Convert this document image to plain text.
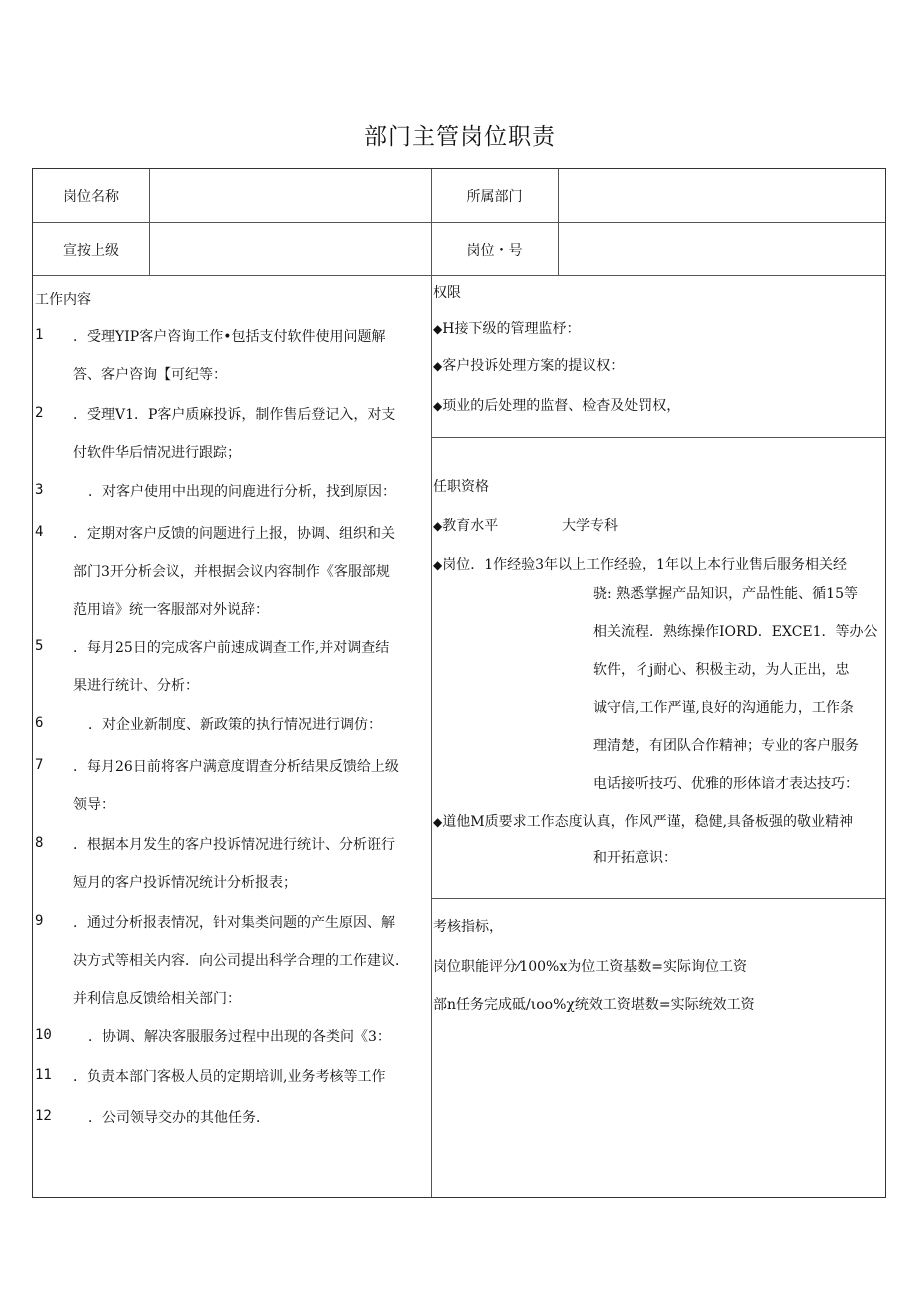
部门主管岗位职责
岗位名称	所属部门
宣按上级	岗位・号
工作内容
1 ．受理YIP客户咨询工作•包括支付软件使用问题解
答、客户咨询【可纪等：
2 ．受理V1．P客户质麻投诉，制作售后登记入，对支
付软件华后情况进行跟踪；
3	．对客户使用中出现的问鹿进行分析，找到原因：
4 ．定期对客户反馈的问题进行上报，协调、组织和关
部门3开分析会议，并根据会议内容制作《客服部规
范用谙》统一客服部对外说辞：
5 ．每月25日的完成客户前速成调查工作,并对调查结
果进行统计、分析：
6	．对企业新制度、新政策的执行情况进行调仿：
7 ．每月26日前将客户满意度谓查分析结果反馈给上级
领导：
8 ．根据本月发生的客户投诉情况进行统计、分析诳行
短月的客户投诉情况统计分析报表；
9 ．通过分析报表情况，针对集类问题的产生原因、解
决方式等相关内容．向公司提出科学合理的工作建议．
并利信息反馈给相关部门：
10	．协调、解决客服服务过程中出现的各类问《3：
11 ．负责本部门客极人员的定期培训,业务考核等工作
12	．公司领导交办的其他任务．
权限
◆H接下级的管理监杼：
◆客户投诉处理方案的提议权：
◆顼业的后处理的监督、检杳及处罚权，
任职资格
◆教育水平	大学专科
◆岗位．1作经验3年以上工作经验，1年以上本行业售后服务相关经
骁: 熟悉掌握产品知识，产品性能、循15等
相关流程．熟练操作IORD．EXCE1．等办公
软件，彳j耐心、积极主动，为人正出，忠
诚守信,工作严谨,良好的沟通能力，工作条
理清楚，有团队合作精神；专业的客户服务
电话接听技巧、优雅的形体谙才表达技巧：
◆道他M质要求工作态度认真，作风严谨，稳健,具备板强的敬业精神
和开拓意识：
考核指标，
岗位职能评分⁄100%x为位工资基数=实际询位工资
部n任务完成砥/ιoo%χ统效工资堪数=实际统效工资
